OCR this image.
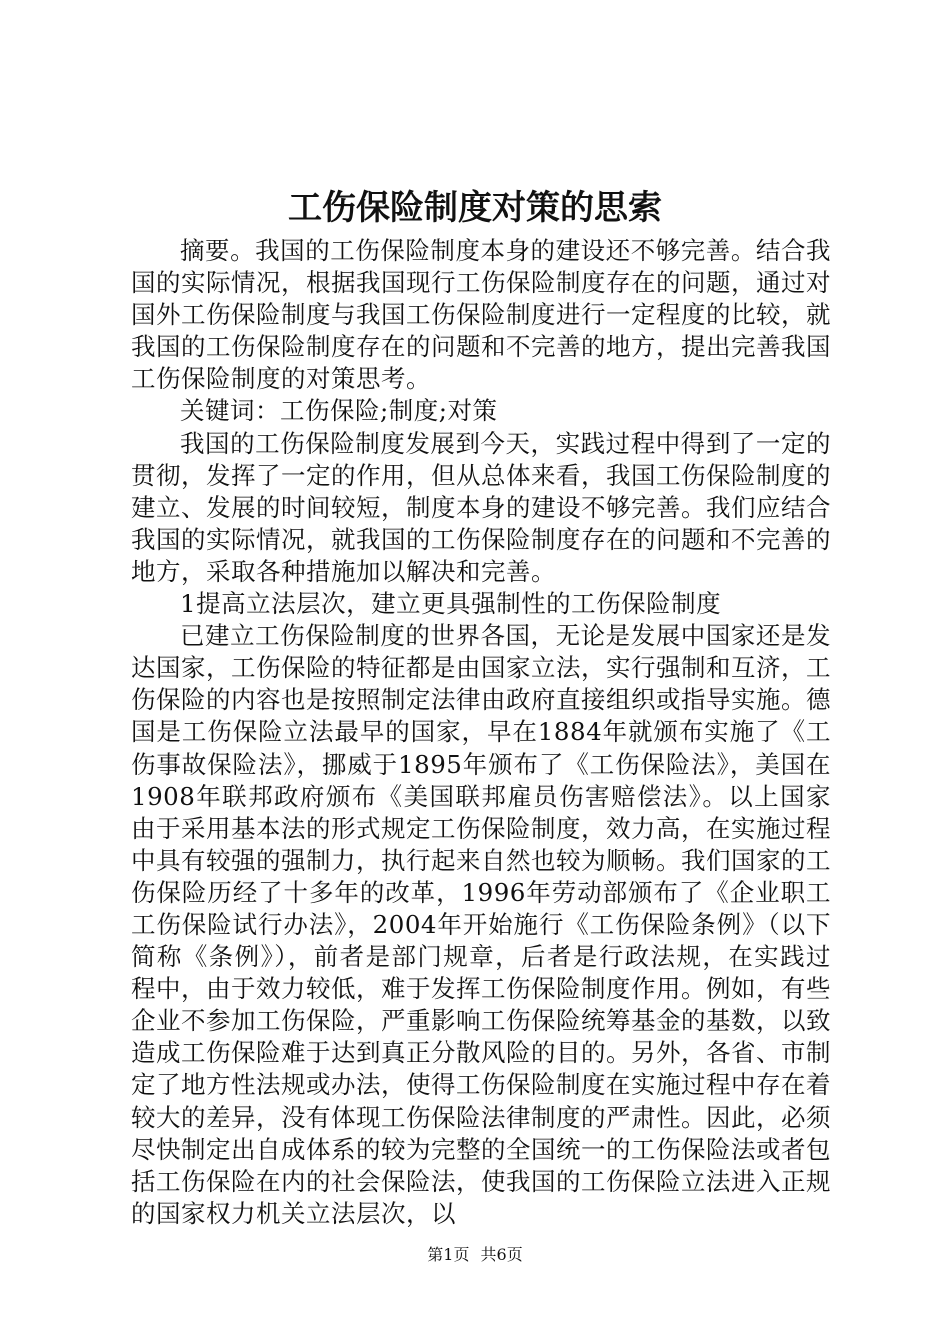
工伤保险制度对策的思索

摘要。我国的工伤保险制度本身的建设还不够完善。结合我国的实际情况，根据我国现行工伤保险制度存在的问题，通过对国外工伤保险制度与我国工伤保险制度进行一定程度的比较，就我国的工伤保险制度存在的问题和不完善的地方，提出完善我国工伤保险制度的对策思考。

关键词：工伤保险;制度;对策

我国的工伤保险制度发展到今天，实践过程中得到了一定的贯彻，发挥了一定的作用，但从总体来看，我国工伤保险制度的建立、发展的时间较短，制度本身的建设不够完善。我们应结合我国的实际情况，就我国的工伤保险制度存在的问题和不完善的地方，采取各种措施加以解决和完善。

1提高立法层次，建立更具强制性的工伤保险制度

已建立工伤保险制度的世界各国，无论是发展中国家还是发达国家，工伤保险的特征都是由国家立法，实行强制和互济，工伤保险的内容也是按照制定法律由政府直接组织或指导实施。德国是工伤保险立法最早的国家，早在1884年就颁布实施了《工伤事故保险法》，挪威于1895年颁布了《工伤保险法》，美国在1908年联邦政府颁布《美国联邦雇员伤害赔偿法》。以上国家由于采用基本法的形式规定工伤保险制度，效力高，在实施过程中具有较强的强制力，执行起来自然也较为顺畅。我们国家的工伤保险历经了十多年的改革，1996年劳动部颁布了《企业职工工伤保险试行办法》，2004年开始施行《工伤保险条例》（以下简称《条例》），前者是部门规章，后者是行政法规，在实践过程中，由于效力较低，难于发挥工伤保险制度作用。例如，有些企业不参加工伤保险，严重影响工伤保险统筹基金的基数，以致造成工伤保险难于达到真正分散风险的目的。另外，各省、市制定了地方性法规或办法，使得工伤保险制度在实施过程中存在着较大的差异，没有体现工伤保险法律制度的严肃性。因此，必须尽快制定出自成体系的较为完整的全国统一的工伤保险法或者包括工伤保险在内的社会保险法，使我国的工伤保险立法进入正规的国家权力机关立法层次，以

第1页 共6页
